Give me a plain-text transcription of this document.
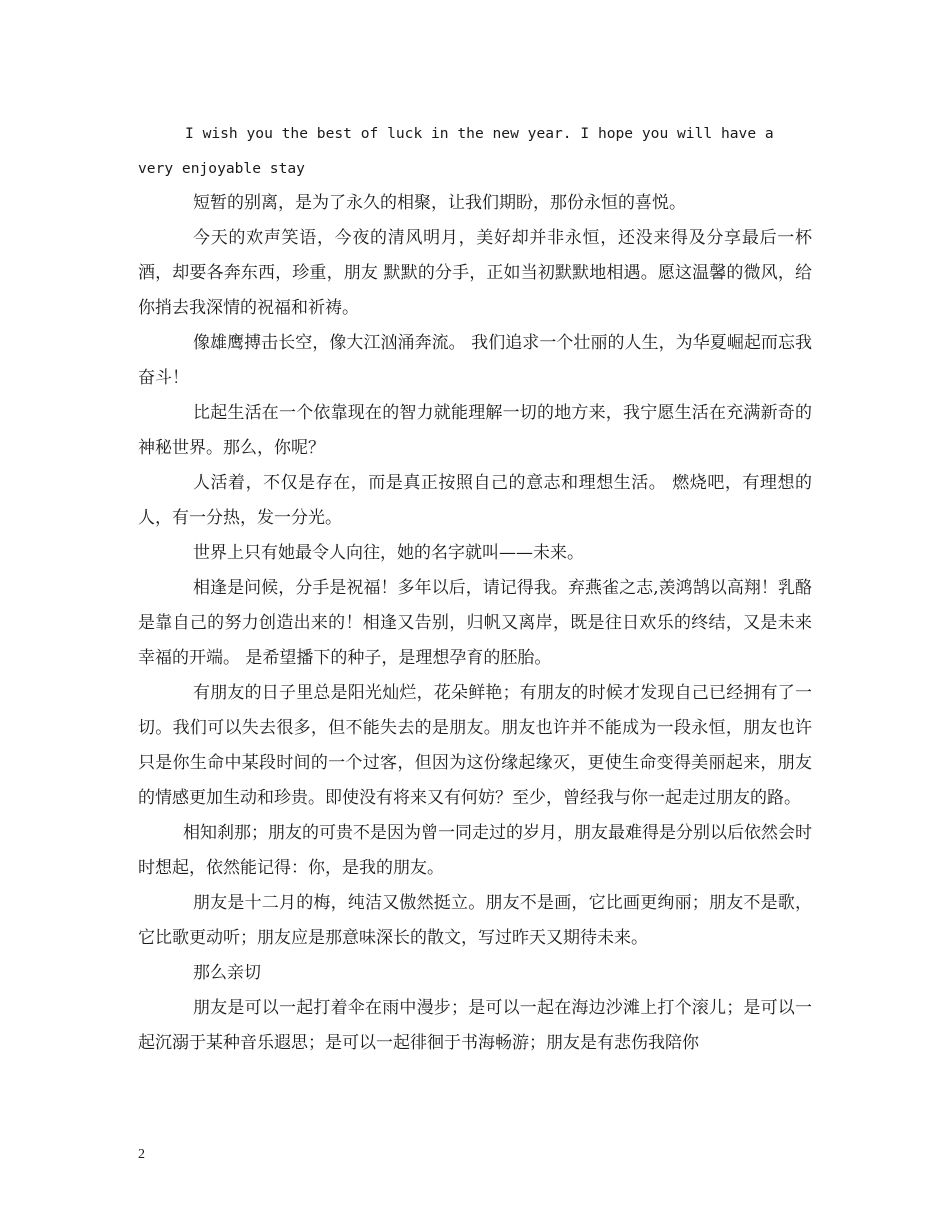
I wish you the best of luck in the new year. I hope you will have a very enjoyable stay

短暂的别离，是为了永久的相聚，让我们期盼，那份永恒的喜悦。

今天的欢声笑语，今夜的清风明月，美好却并非永恒，还没来得及分享最后一杯酒，却要各奔东西，珍重，朋友 默默的分手，正如当初默默地相遇。愿这温馨的微风，给你捎去我深情的祝福和祈祷。

像雄鹰搏击长空，像大江汹涌奔流。 我们追求一个壮丽的人生，为华夏崛起而忘我奋斗！

比起生活在一个依靠现在的智力就能理解一切的地方来，我宁愿生活在充满新奇的神秘世界。那么，你呢？

人活着，不仅是存在，而是真正按照自己的意志和理想生活。 燃烧吧，有理想的人，有一分热，发一分光。

世界上只有她最令人向往，她的名字就叫——未来。

相逢是问候，分手是祝福！多年以后，请记得我。弃燕雀之志,羡鸿鹄以高翔！乳酪是靠自己的努力创造出来的！相逢又告别，归帆又离岸，既是往日欢乐的终结，又是未来幸福的开端。 是希望播下的种子，是理想孕育的胚胎。

有朋友的日子里总是阳光灿烂，花朵鲜艳；有朋友的时候才发现自己已经拥有了一切。我们可以失去很多，但不能失去的是朋友。朋友也许并不能成为一段永恒，朋友也许只是你生命中某段时间的一个过客，但因为这份缘起缘灭，更使生命变得美丽起来，朋友的情感更加生动和珍贵。即使没有将来又有何妨？至少，曾经我与你一起走过朋友的路。

相知刹那；朋友的可贵不是因为曾一同走过的岁月，朋友最难得是分别以后依然会时时想起，依然能记得：你，是我的朋友。

朋友是十二月的梅，纯洁又傲然挺立。朋友不是画，它比画更绚丽；朋友不是歌，它比歌更动听；朋友应是那意味深长的散文，写过昨天又期待未来。

那么亲切

朋友是可以一起打着伞在雨中漫步；是可以一起在海边沙滩上打个滚儿；是可以一起沉溺于某种音乐遐思；是可以一起徘徊于书海畅游；朋友是有悲伤我陪你

2
